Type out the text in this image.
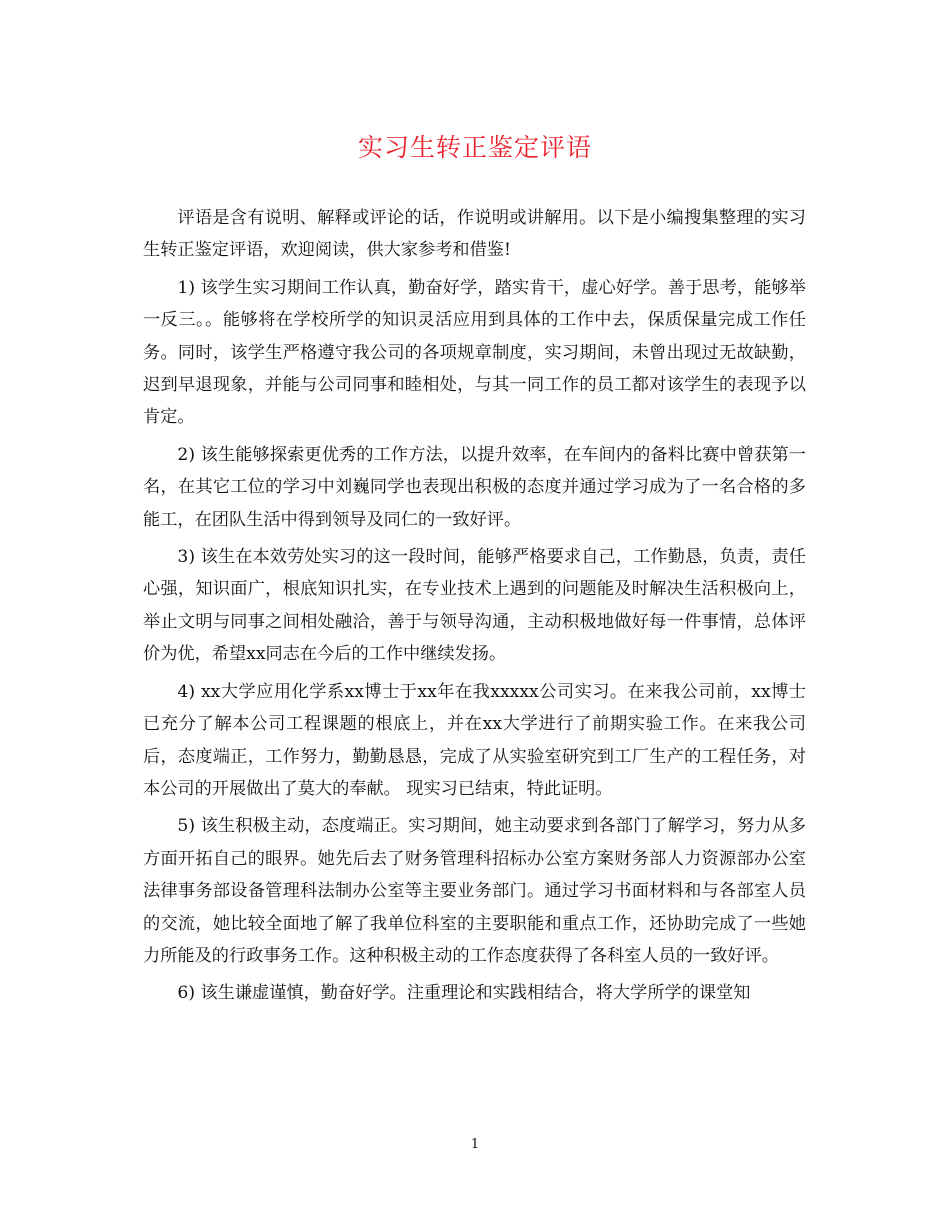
实习生转正鉴定评语

评语是含有说明、解释或评论的话，作说明或讲解用。以下是小编搜集整理的实习生转正鉴定评语，欢迎阅读，供大家参考和借鉴!

1) 该学生实习期间工作认真，勤奋好学，踏实肯干，虚心好学。善于思考，能够举一反三。。能够将在学校所学的知识灵活应用到具体的工作中去，保质保量完成工作任务。同时，该学生严格遵守我公司的各项规章制度，实习期间，未曾出现过无故缺勤，迟到早退现象，并能与公司同事和睦相处，与其一同工作的员工都对该学生的表现予以肯定。

2) 该生能够探索更优秀的工作方法，以提升效率，在车间内的备料比赛中曾获第一名，在其它工位的学习中刘巍同学也表现出积极的态度并通过学习成为了一名合格的多能工，在团队生活中得到领导及同仁的一致好评。

3) 该生在本效劳处实习的这一段时间，能够严格要求自己，工作勤恳，负责，责任心强，知识面广，根底知识扎实，在专业技术上遇到的问题能及时解决生活积极向上，举止文明与同事之间相处融洽，善于与领导沟通，主动积极地做好每一件事情，总体评价为优，希望xx同志在今后的工作中继续发扬。

4) xx大学应用化学系xx博士于xx年在我xxxxx公司实习。在来我公司前，xx博士已充分了解本公司工程课题的根底上，并在xx大学进行了前期实验工作。在来我公司后，态度端正，工作努力，勤勤恳恳，完成了从实验室研究到工厂生产的工程任务，对本公司的开展做出了莫大的奉献。 现实习已结束，特此证明。

5) 该生积极主动，态度端正。实习期间，她主动要求到各部门了解学习，努力从多方面开拓自己的眼界。她先后去了财务管理科招标办公室方案财务部人力资源部办公室法律事务部设备管理科法制办公室等主要业务部门。通过学习书面材料和与各部室人员的交流，她比较全面地了解了我单位科室的主要职能和重点工作，还协助完成了一些她力所能及的行政事务工作。这种积极主动的工作态度获得了各科室人员的一致好评。

6) 该生谦虚谨慎，勤奋好学。注重理论和实践相结合，将大学所学的课堂知

1
